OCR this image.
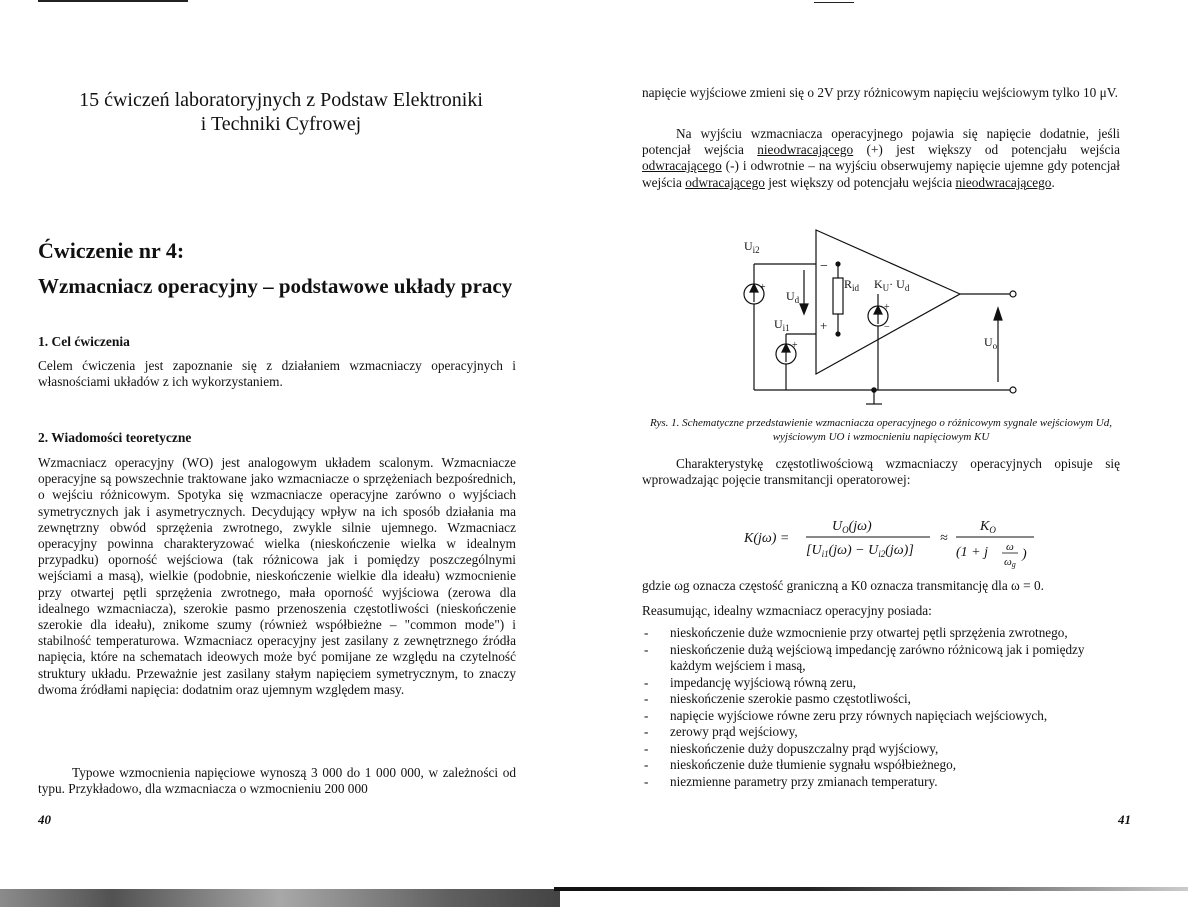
15 ćwiczeń laboratoryjnych z Podstaw Elektroniki
i Techniki Cyfrowej
Ćwiczenie nr 4:
Wzmacniacz operacyjny – podstawowe układy pracy
1. Cel ćwiczenia

Celem ćwiczenia jest zapoznanie się z działaniem wzmacniaczy operacyjnych i własnościami układów z ich wykorzystaniem.

2. Wiadomości teoretyczne

Wzmacniacz operacyjny (WO) jest analogowym układem scalonym. Wzmacniacze operacyjne są powszechnie traktowane jako wzmacniacze o sprzężeniach bezpośrednich, o wejściu różnicowym. Spotyka się wzmacniacze operacyjne zarówno o wyjściach symetrycznych jak i asymetrycznych. Decydujący wpływ na ich sposób działania ma zewnętrzny obwód sprzężenia zwrotnego, zwykle silnie ujemnego. Wzmacniacz operacyjny powinna charakteryzować wielka (nieskończenie wielka w idealnym przypadku) oporność wejściowa (tak różnicowa jak i pomiędzy poszczególnymi wejściami a masą), wielkie (podobnie, nieskończenie wielkie dla ideału) wzmocnienie przy otwartej pętli sprzężenia zwrotnego, mała oporność wyjściowa (zerowa dla idealnego wzmacniacza), szerokie pasmo przenoszenia częstotliwości (nieskończenie szerokie dla ideału), znikome szumy (również współbieżne – "common mode") i stabilność temperaturowa. Wzmacniacz operacyjny jest zasilany z zewnętrznego źródła napięcia, które na schematach ideowych może być pomijane ze względu na czytelność struktury układu. Przeważnie jest zasilany stałym napięciem symetrycznym, to znaczy dwoma źródłami napięcia: dodatnim oraz ujemnym względem masy.

Typowe wzmocnienia napięciowe wynoszą 3 000 do 1 000 000, w zależności od typu. Przykładowo, dla wzmacniacza o wzmocnieniu 200 000

40

napięcie wyjściowe zmieni się o 2V przy różnicowym napięciu wejściowym tylko 10 μV.

Na wyjściu wzmacniacza operacyjnego pojawia się napięcie dodatnie, jeśli potencjał wejścia nieodwracającego (+) jest większy od potencjału wejścia odwracającego (-) i odwrotnie – na wyjściu obserwujemy napięcie ujemne gdy potencjał wejścia odwracającego jest większy od potencjału wejścia nieodwracającego.

$U_{i2}$
$U_d$
$U_{i1}$
$R_{id}$ $K_U\cdot U_d$
$U_o$
−
+
+
+
+
−
Rys. 1. Schematyczne przedstawienie wzmacniacza operacyjnego o różnicowym sygnale wejściowym Ud, wyjściowym UO i wzmocnieniu napięciowym KU

Charakterystykę częstotliwościową wzmacniaczy operacyjnych opisuje się wprowadzając pojęcie transmitancji operatorowej:

K(jω) =
$U_O(j\omega)$
$[U_{i1}(j\omega) - U_{i2}(j\omega)]$
≈
$K_O$
(1 + j ω
ωg
)

gdzie ωg oznacza częstość graniczną a K0 oznacza transmitancję dla ω = 0.

Reasumując, idealny wzmacniacz operacyjny posiada:

- nieskończenie duże wzmocnienie przy otwartej pętli sprzężenia zwrotnego,
- nieskończenie dużą wejściową impedancję zarówno różnicową jak i pomiędzy każdym wejściem i masą,
- impedancję wyjściową równą zeru,
- nieskończenie szerokie pasmo częstotliwości,
- napięcie wyjściowe równe zeru przy równych napięciach wejściowych,
- zerowy prąd wejściowy,
- nieskończenie duży dopuszczalny prąd wyjściowy,
- nieskończenie duże tłumienie sygnału współbieżnego,
- niezmienne parametry przy zmianach temperatury.
41
